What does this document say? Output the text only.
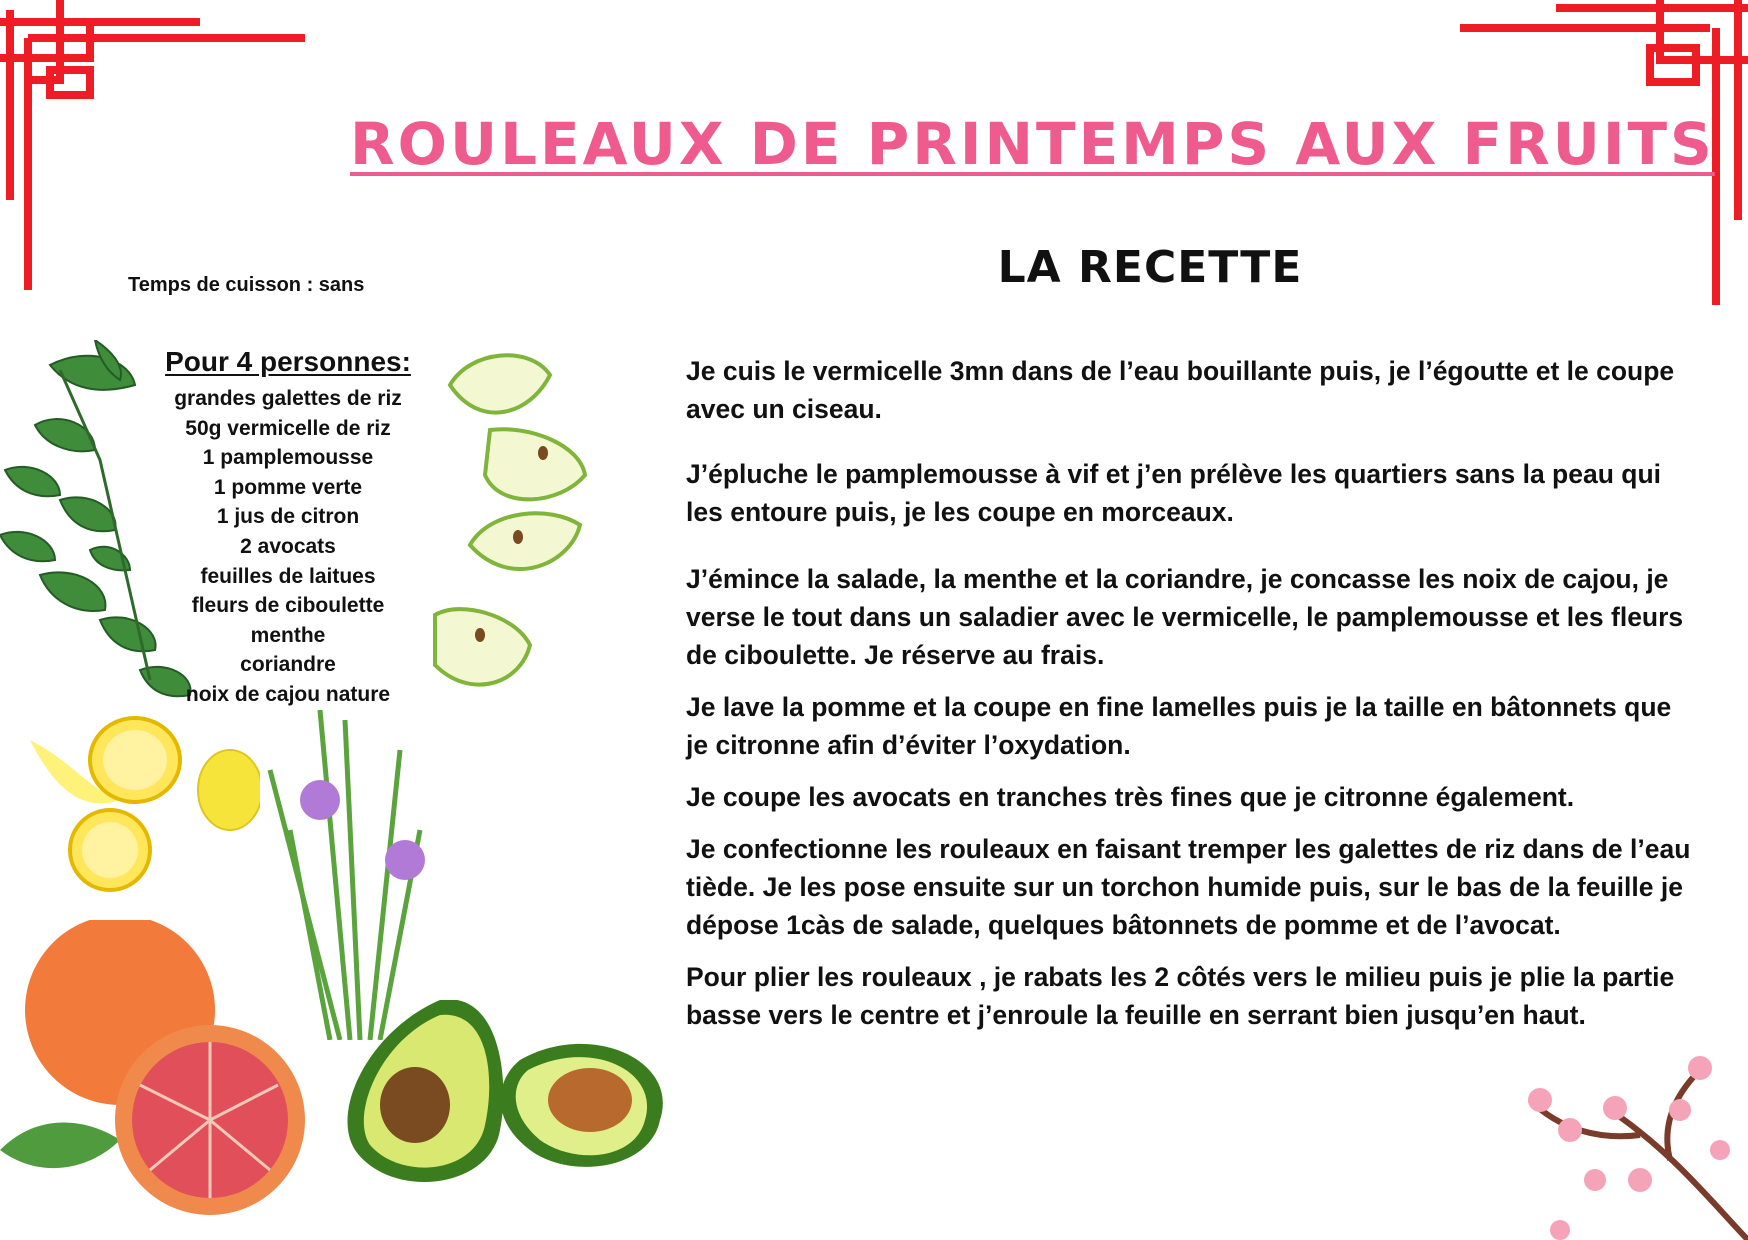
ROULEAUX DE PRINTEMPS AUX FRUITS
LA RECETTE
Temps de cuisson : sans
Pour 4 personnes:
grandes galettes de riz
50g vermicelle de riz
1 pamplemousse
1 pomme verte
1 jus de citron
2 avocats
feuilles de laitues
fleurs de ciboulette
menthe
coriandre
noix de cajou nature

Je cuis le vermicelle 3mn dans de l’eau bouillante puis, je l’égoutte et le coupe avec un ciseau.

J’épluche le pamplemousse à vif et j’en prélève les quartiers sans la peau qui les entoure puis, je les coupe en morceaux.

J’émince la salade, la menthe et la coriandre, je concasse les noix de cajou, je verse le tout dans un saladier avec le vermicelle, le pamplemousse et les fleurs de ciboulette. Je réserve au frais.

Je lave la pomme et la coupe en fine lamelles puis je la taille en bâtonnets que je citronne afin d’éviter l’oxydation.

Je coupe les avocats en tranches très fines que je citronne également.

Je confectionne les rouleaux en faisant tremper les galettes de riz dans de l’eau tiède. Je les pose ensuite sur un torchon humide puis, sur le bas de la feuille je dépose 1càs de salade, quelques bâtonnets de pomme et de l’avocat.

Pour plier les rouleaux , je rabats les 2 côtés vers le milieu puis je plie la partie basse vers le centre et j’enroule la feuille en serrant bien jusqu’en haut.
